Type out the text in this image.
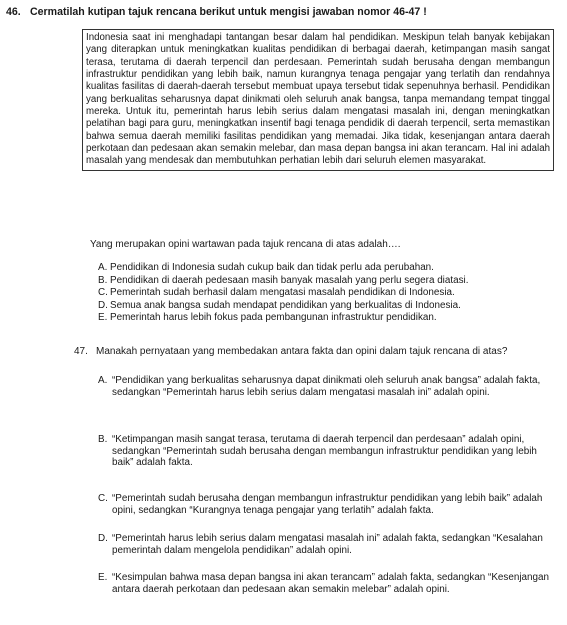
46. Cermatilah kutipan tajuk rencana berikut untuk mengisi jawaban nomor 46-47 !
Indonesia saat ini menghadapi tantangan besar dalam hal pendidikan. Meskipun telah banyak kebijakan yang diterapkan untuk meningkatkan kualitas pendidikan di berbagai daerah, ketimpangan masih sangat terasa, terutama di daerah terpencil dan perdesaan. Pemerintah sudah berusaha dengan membangun infrastruktur pendidikan yang lebih baik, namun kurangnya tenaga pengajar yang terlatih dan rendahnya kualitas fasilitas di daerah-daerah tersebut membuat upaya tersebut tidak sepenuhnya berhasil. Pendidikan yang berkualitas seharusnya dapat dinikmati oleh seluruh anak bangsa, tanpa memandang tempat tinggal mereka. Untuk itu, pemerintah harus lebih serius dalam mengatasi masalah ini, dengan meningkatkan pelatihan bagi para guru, meningkatkan insentif bagi tenaga pendidik di daerah terpencil, serta memastikan bahwa semua daerah memiliki fasilitas pendidikan yang memadai. Jika tidak, kesenjangan antara daerah perkotaan dan pedesaan akan semakin melebar, dan masa depan bangsa ini akan terancam. Hal ini adalah masalah yang mendesak dan membutuhkan perhatian lebih dari seluruh elemen masyarakat.
Yang merupakan opini wartawan pada tajuk rencana di atas adalah….
A. Pendidikan di Indonesia sudah cukup baik dan tidak perlu ada perubahan.
B. Pendidikan di daerah pedesaan masih banyak masalah yang perlu segera diatasi.
C. Pemerintah sudah berhasil dalam mengatasi masalah pendidikan di Indonesia.
D. Semua anak bangsa sudah mendapat pendidikan yang berkualitas di Indonesia.
E. Pemerintah harus lebih fokus pada pembangunan infrastruktur pendidikan.
47. Manakah pernyataan yang membedakan antara fakta dan opini dalam tajuk rencana di atas?
A. “Pendidikan yang berkualitas seharusnya dapat dinikmati oleh seluruh anak bangsa” adalah fakta, sedangkan “Pemerintah harus lebih serius dalam mengatasi masalah ini” adalah opini.
B. “Ketimpangan masih sangat terasa, terutama di daerah terpencil dan perdesaan” adalah opini, sedangkan “Pemerintah sudah berusaha dengan membangun infrastruktur pendidikan yang lebih baik” adalah fakta.
C. “Pemerintah sudah berusaha dengan membangun infrastruktur pendidikan yang lebih baik” adalah opini, sedangkan “Kurangnya tenaga pengajar yang terlatih” adalah fakta.
D. “Pemerintah harus lebih serius dalam mengatasi masalah ini” adalah fakta, sedangkan “Kesalahan pemerintah dalam mengelola pendidikan” adalah opini.
E. “Kesimpulan bahwa masa depan bangsa ini akan terancam” adalah fakta, sedangkan “Kesenjangan antara daerah perkotaan dan pedesaan akan semakin melebar” adalah opini.
